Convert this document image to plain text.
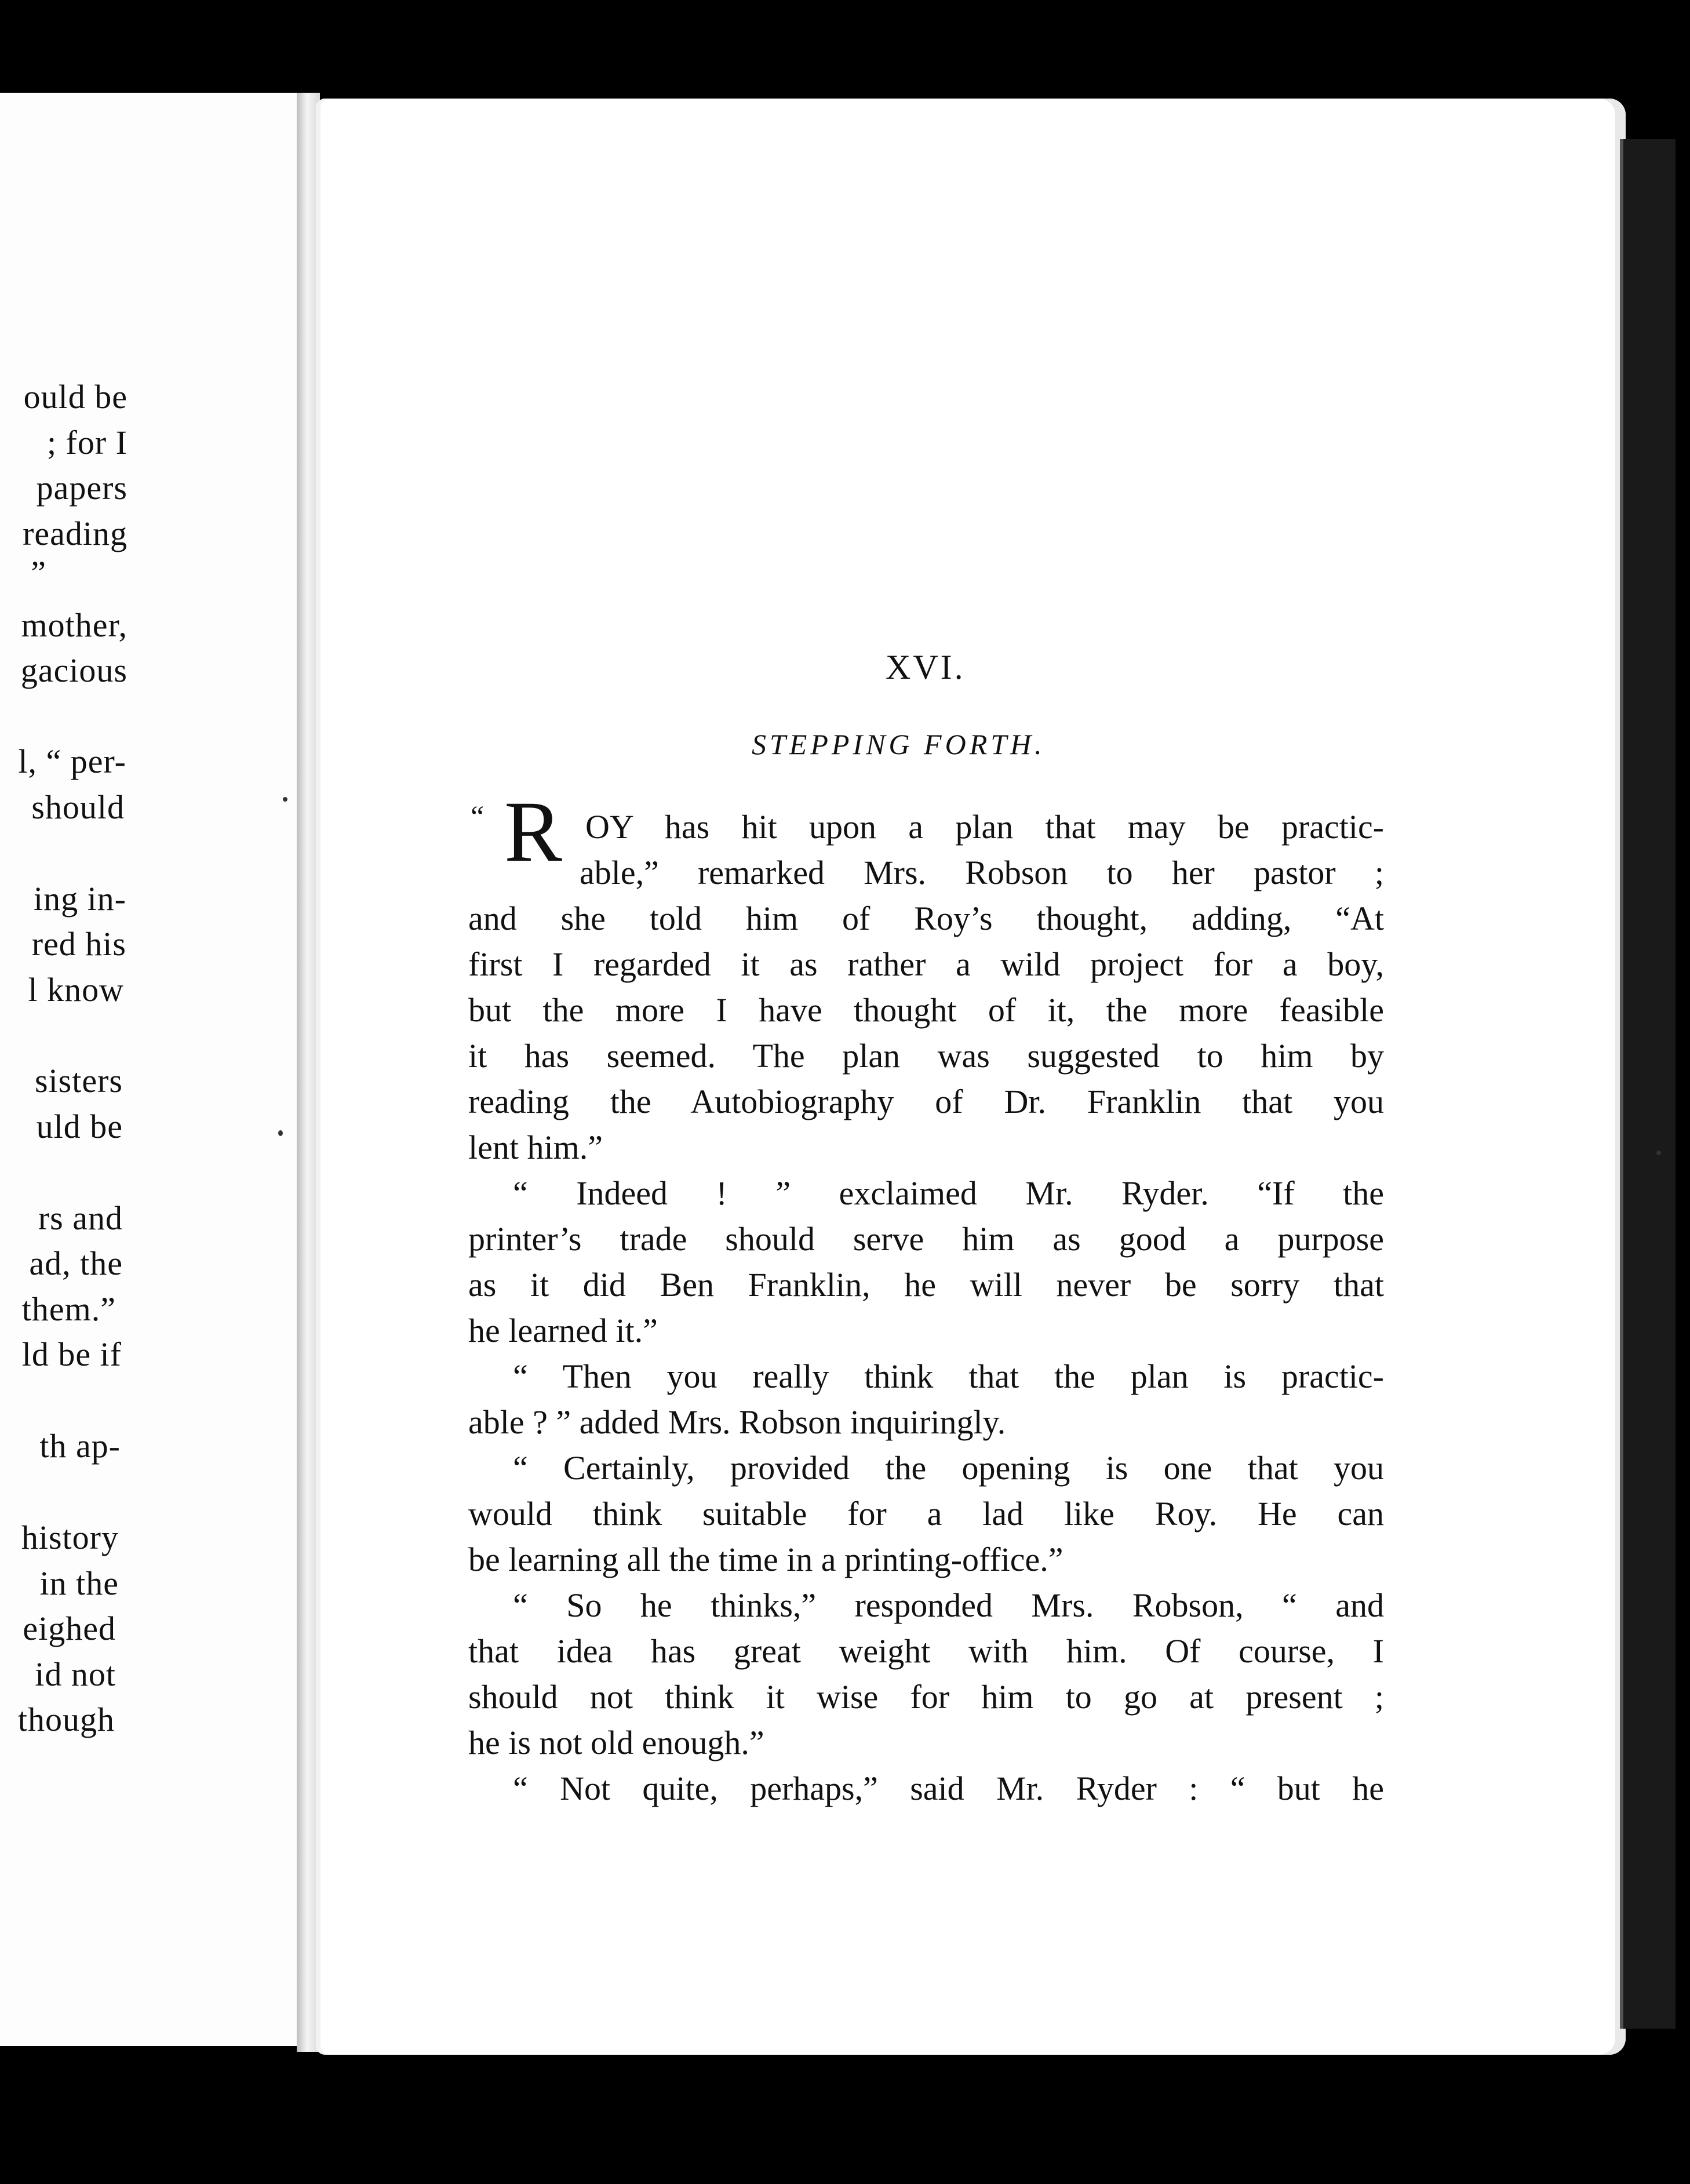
ould be
; for I
papers
reading
”
mother,
gacious
l, “ per-
should
ing in-
red his
l know
sisters
uld be
rs and
ad, the
them.”
ld be if
th ap-
history
in the
eighed
id not
though
XVI.
STEPPING FORTH.
“ R OY has hit upon a plan that may be practic-
able,” remarked Mrs. Robson to her pastor ;
and she told him of Roy’s thought, adding, “At
first I regarded it as rather a wild project for a boy,
but the more I have thought of it, the more feasible
it has seemed. The plan was suggested to him by
reading the Autobiography of Dr. Franklin that you
lent him.”
“ Indeed ! ” exclaimed Mr. Ryder. “If the
printer’s trade should serve him as good a purpose
as it did Ben Franklin, he will never be sorry that
he learned it.”
“ Then you really think that the plan is practic-
able ? ” added Mrs. Robson inquiringly.
“ Certainly, provided the opening is one that you
would think suitable for a lad like Roy. He can
be learning all the time in a printing-office.”
“ So he thinks,” responded Mrs. Robson, “ and
that idea has great weight with him. Of course, I
should not think it wise for him to go at present ;
he is not old enough.”
“ Not quite, perhaps,” said Mr. Ryder : “ but he
